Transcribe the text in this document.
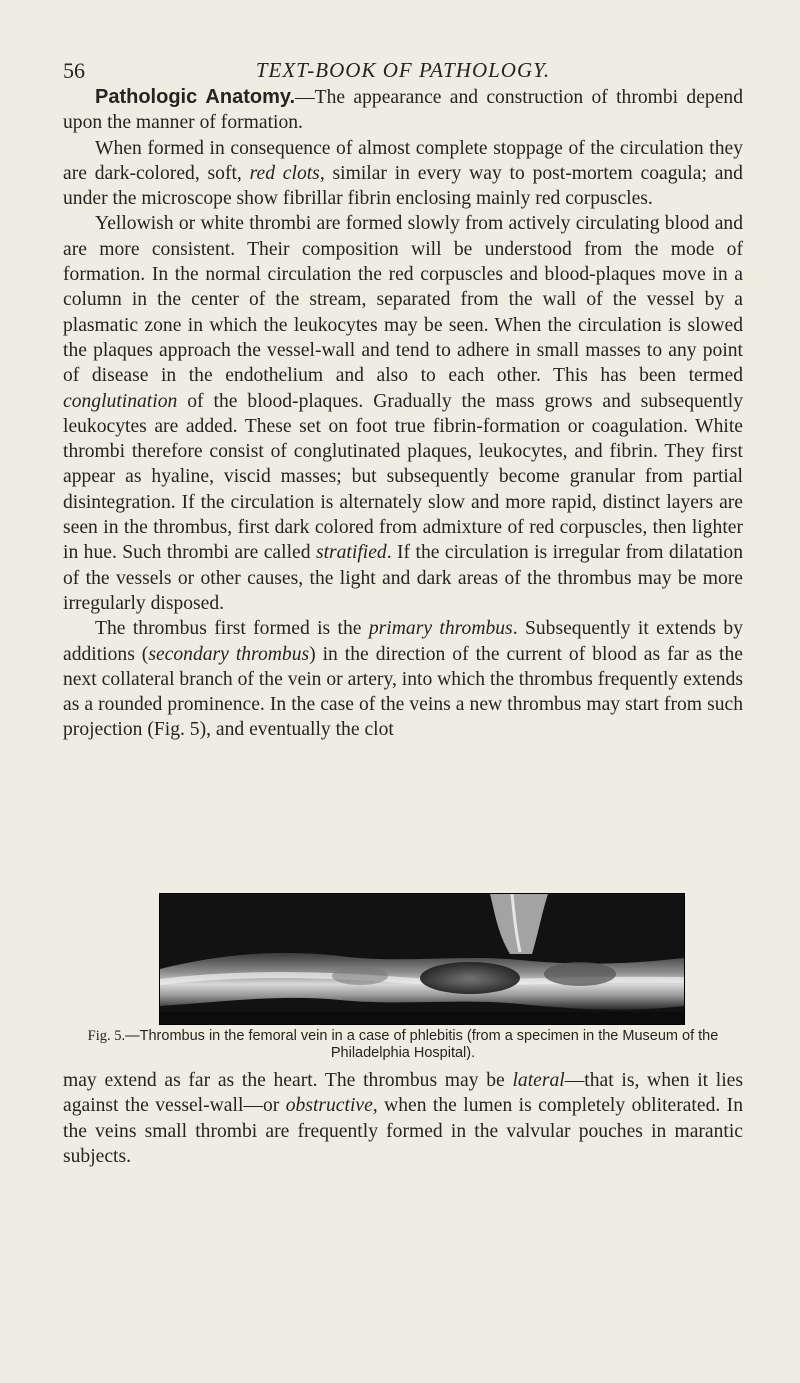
56	TEXT-BOOK OF PATHOLOGY.

Pathologic Anatomy.—The appearance and construction of thrombi depend upon the manner of formation.

When formed in consequence of almost complete stoppage of the circulation they are dark-colored, soft, red clots, similar in every way to post-mortem coagula; and under the microscope show fibrillar fibrin enclosing mainly red corpuscles.

Yellowish or white thrombi are formed slowly from actively circulating blood and are more consistent. Their composition will be understood from the mode of formation. In the normal circulation the red corpuscles and blood-plaques move in a column in the center of the stream, separated from the wall of the vessel by a plasmatic zone in which the leukocytes may be seen. When the circulation is slowed the plaques approach the vessel-wall and tend to adhere in small masses to any point of disease in the endothelium and also to each other. This has been termed conglutination of the blood-plaques. Gradually the mass grows and subsequently leukocytes are added. These set on foot true fibrin-formation or coagulation. White thrombi therefore consist of conglutinated plaques, leukocytes, and fibrin. They first appear as hyaline, viscid masses; but subsequently become granular from partial disintegration. If the circulation is alternately slow and more rapid, distinct layers are seen in the thrombus, first dark colored from admixture of red corpuscles, then lighter in hue. Such thrombi are called stratified. If the circulation is irregular from dilatation of the vessels or other causes, the light and dark areas of the thrombus may be more irregularly disposed.

The thrombus first formed is the primary thrombus. Subsequently it extends by additions (secondary thrombus) in the direction of the current of blood as far as the next collateral branch of the vein or artery, into which the thrombus frequently extends as a rounded prominence. In the case of the veins a new thrombus may start from such projection (Fig. 5), and eventually the clot

Fig. 5.—Thrombus in the femoral vein in a case of phlebitis (from a specimen in the Museum of the Philadelphia Hospital).

may extend as far as the heart. The thrombus may be lateral—that is, when it lies against the vessel-wall—or obstructive, when the lumen is completely obliterated. In the veins small thrombi are frequently formed in the valvular pouches in marantic subjects.
